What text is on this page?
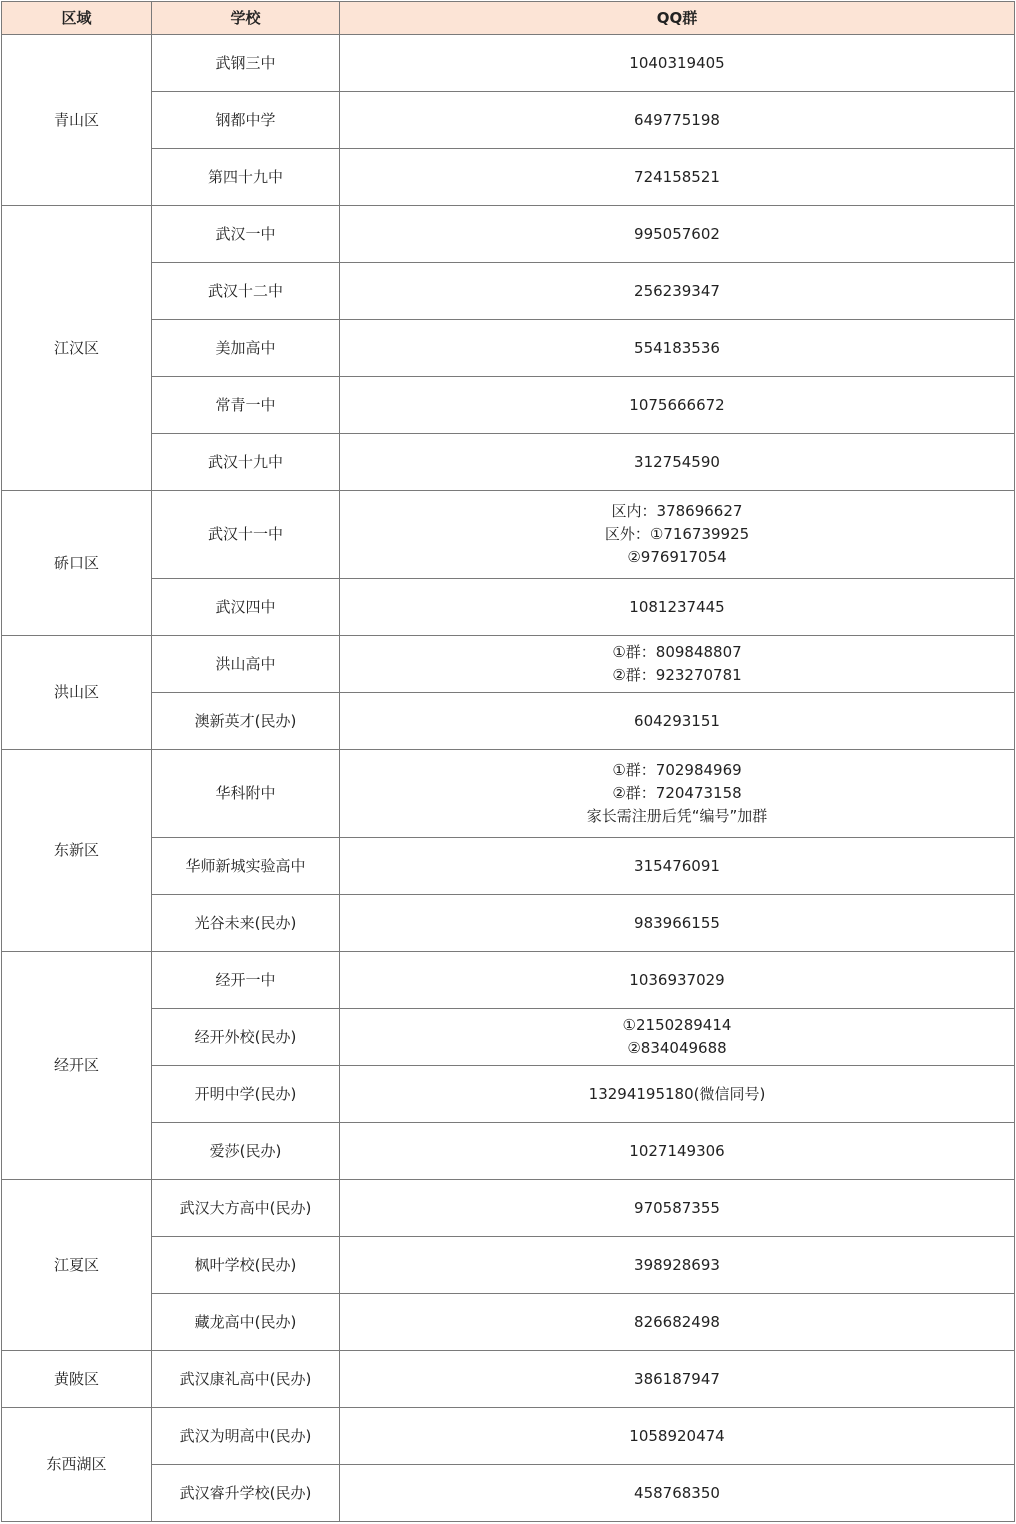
区域	学校	QQ群
青山区	武钢三中	1040319405

	钢都中学	649775198

	第四十九中	724158521

江汉区	武汉一中	995057602

	武汉十二中	256239347

	美加高中	554183536

	常青一中	1075666672

	武汉十九中	312754590

硚口区	武汉十一中	区内：378696627
区外：①716739925
②976917054

	武汉四中	1081237445

洪山区	洪山高中	①群：809848807
②群：923270781

	澳新英才(民办)	604293151

东新区	华科附中	①群：702984969
②群：720473158
家长需注册后凭“编号”加群

	华师新城实验高中	315476091

	光谷未来(民办)	983966155

经开区	经开一中	1036937029

	经开外校(民办)	①2150289414
②834049688

	开明中学(民办)	13294195180(微信同号)

	爱莎(民办)	1027149306

江夏区	武汉大方高中(民办)	970587355

	枫叶学校(民办)	398928693

	藏龙高中(民办)	826682498

黄陂区	武汉康礼高中(民办)	386187947

东西湖区	武汉为明高中(民办)	1058920474

	武汉睿升学校(民办)	458768350
